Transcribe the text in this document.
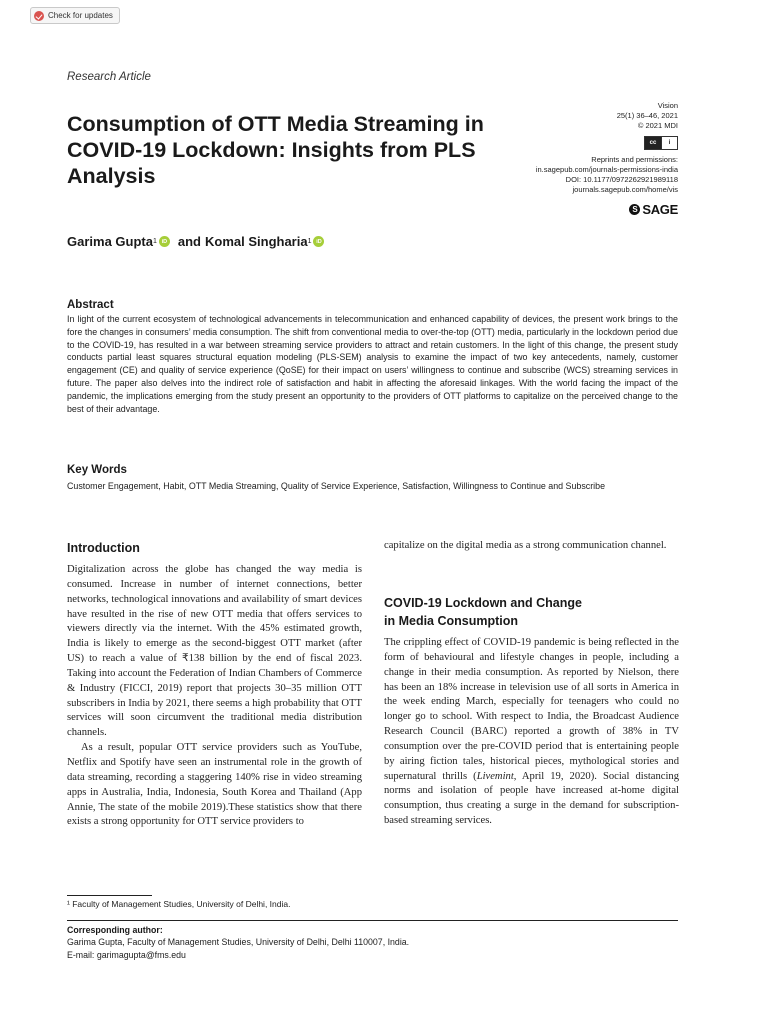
Check for updates
Research Article
Consumption of OTT Media Streaming in COVID-19 Lockdown: Insights from PLS Analysis
Vision
25(1) 36–46, 2021
© 2021 MDI
cc	i
Reprints and permissions:
in.sagepub.com/journals-permissions-india
DOI: 10.1177/0972262921989118
journals.sagepub.com/home/vis
S SAGE
Garima Gupta 1 iD and Komal Singharia 1 iD
Abstract
In light of the current ecosystem of technological advancements in telecommunication and enhanced capability of devices, the present work brings to the fore the changes in consumers’ media consumption. The shift from conventional media to over-the-top (OTT) media, particularly in the lockdown period due to the COVID-19, has resulted in a war between streaming service providers to attract and retain customers. In the light of this change, the present study conducts partial least squares structural equation modeling (PLS-SEM) analysis to examine the impact of two key antecedents, namely, customer engagement (CE) and quality of service experience (QoSE) for their impact on users’ willingness to continue and subscribe (WCS) streaming services in future. The paper also delves into the indirect role of satisfaction and habit in affecting the aforesaid linkages. With the world facing the impact of the pandemic, the implications emerging from the study present an opportunity to the providers of OTT platforms to capitalize on the perceived change to the best of their advantage.
Key Words
Customer Engagement, Habit, OTT Media Streaming, Quality of Service Experience, Satisfaction, Willingness to Continue and Subscribe
Introduction

Digitalization across the globe has changed the way media is consumed. Increase in number of internet connections, better networks, technological innovations and availability of smart devices have resulted in the rise of new OTT media that offers services to viewers directly via the internet. With the 45% estimated growth, India is likely to emerge as the second-biggest OTT market (after US) to reach a value of ₹138 billion by the end of fiscal 2023. Taking into account the Federation of Indian Chambers of Commerce & Industry (FICCI, 2019) report that projects 30–35 million OTT subscribers in India by 2021, there seems a high probability that OTT services will soon circumvent the traditional media distribution channels.

As a result, popular OTT service providers such as YouTube, Netflix and Spotify have seen an instrumental role in the growth of data streaming, recording a staggering 140% rise in video streaming apps in Australia, India, Indonesia, South Korea and Thailand (App Annie, The state of the mobile 2019).These statistics show that there exists a strong opportunity for OTT service providers to

capitalize on the digital media as a strong communication channel.
COVID-19 Lockdown and Change
in Media Consumption

The crippling effect of COVID-19 pandemic is being reflected in the form of behavioural and lifestyle changes in people, including a change in their media consumption. As reported by Nielson, there has been an 18% increase in television use of all sorts in America in the week ending March, especially for teenagers who could no longer go to school. With respect to India, the Broadcast Audience Research Council (BARC) reported a growth of 38% in TV consumption over the pre-COVID period that is entertaining people by airing fiction tales, historical pieces, mythological stories and supernatural thrills (Livemint, April 19, 2020). Social distancing norms and isolation of people have increased at-home digital consumption, thus creating a surge in the demand for subscription-based streaming services.

¹ Faculty of Management Studies, University of Delhi, India.
Corresponding author:
Garima Gupta, Faculty of Management Studies, University of Delhi, Delhi 110007, India.
E-mail: garimagupta@fms.edu
